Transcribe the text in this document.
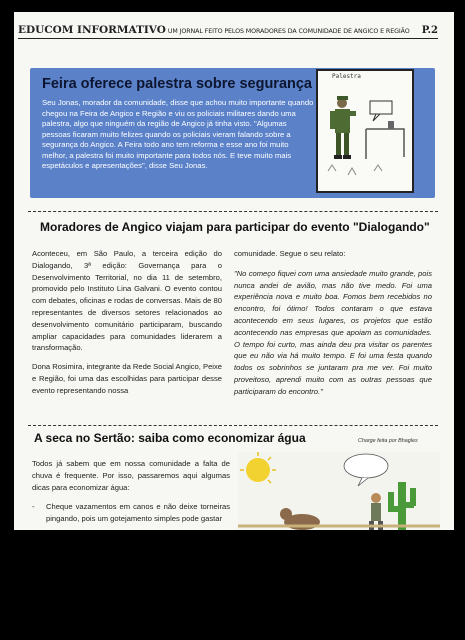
EDUCOM INFORMATIVO UM JORNAL FEITO PELOS MORADORES DA COMUNIDADE DE ANGICO E REGIÃO P.2
Feira oferece palestra sobre segurança
Seu Jonas, morador da comunidade, disse que achou muito importante quando chegou na Feira de Angico e Região e viu os policiais militares dando uma palestra, algo que ninguém da região de Angico já tinha visto. "Algumas pessoas ficaram muito felizes quando os policiais vieram falando sobre a segurança do Angico. A Feira todo ano tem reforma e esse ano foi muito melhor, a palestra foi muito importante para todos nós. E teve muito mais espetáculos e apresentações", disse Seu Jonas.
Palestra
Moradores de Angico viajam para participar do evento "Dialogando"

Aconteceu, em São Paulo, a terceira edição do Dialogando, 3ª edição: Governança para o Desenvolvimento Territorial, no dia 11 de setembro, promovido pelo Instituto Lina Galvani. O evento contou com debates, oficinas e rodas de conversas. Mais de 80 representantes de diversos setores relacionados ao desenvolvimento comunitário participaram, buscando ampliar capacidades para comunidades liderarem a transformação.

Dona Rosimira, integrante da Rede Social Angico, Peixe e Região, foi uma das escolhidas para participar desse evento representando nossa

comunidade. Segue o seu relato:

"No começo fiquei com uma ansiedade muito grande, pois nunca andei de avião, mas não tive medo. Foi uma experiência nova e muito boa. Fomos bem recebidos no encontro, foi ótimo! Todos contaram o que estava acontecendo em seus lugares, os projetos que estão acontecendo nas empresas que apoiam as comunidades. O tempo foi curto, mas ainda deu pra visitar os parentes que eu não via há muito tempo. E foi uma festa quando todos os sobrinhos se juntaram pra me ver. Foi muito proveitoso, aprendi muito com as outras pessoas que participaram do encontro."

A seca no Sertão: saiba como economizar água	Charge feita por Bhagles

Todos já sabem que em nossa comunidade a falta de chuva é frequente. Por isso, passaremos aqui algumas dicas para economizar água:

-	Cheque vazamentos em canos e não deixe torneiras pingando, pois um gotejamento simples pode gastar
